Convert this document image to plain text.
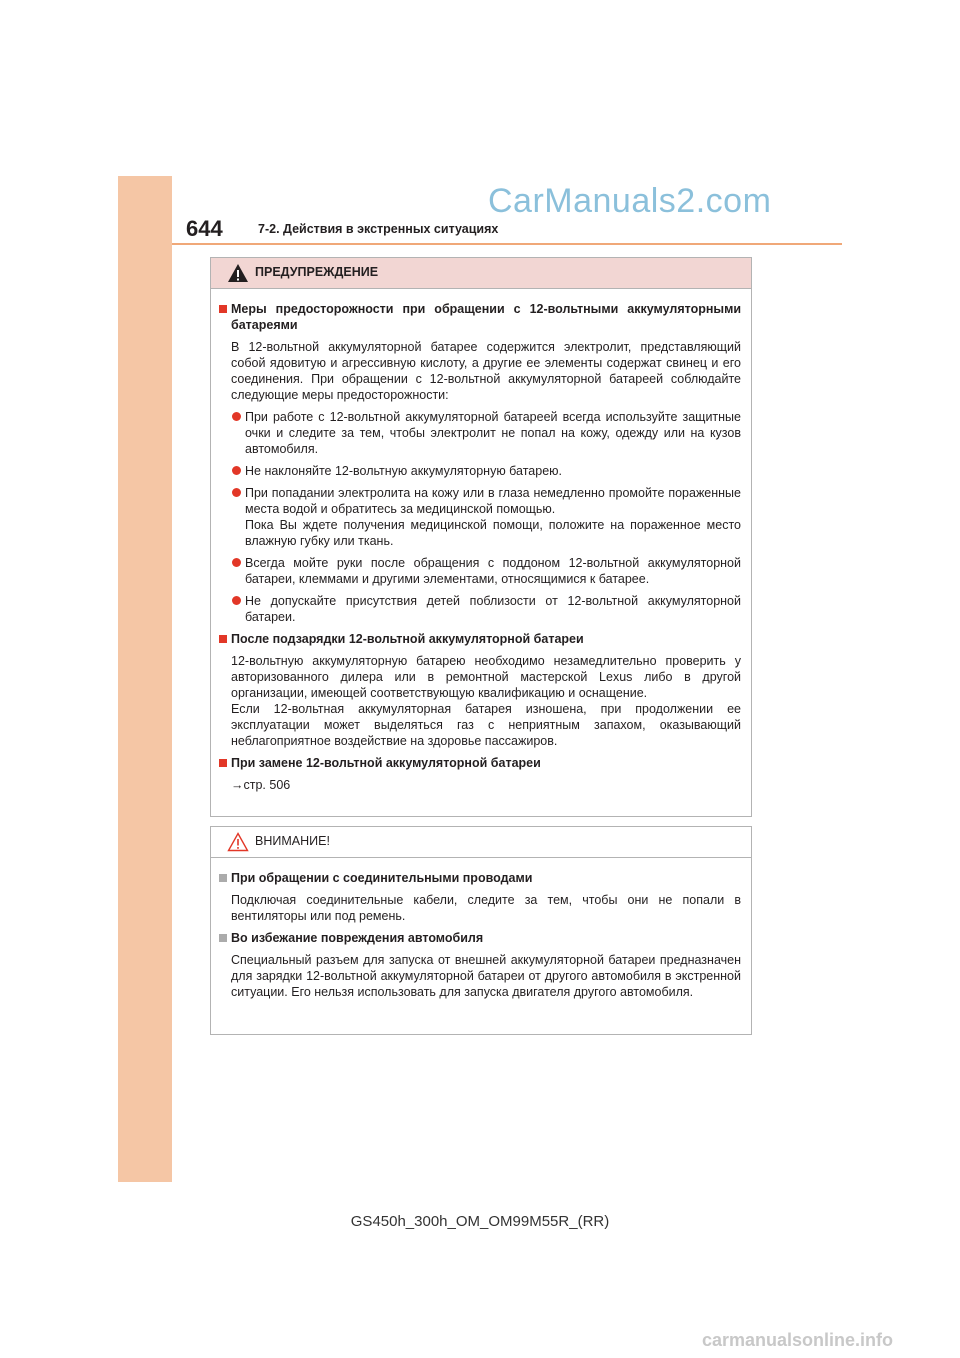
644	7-2. Действия в экстренных ситуациях
CarManuals2.com
ПРЕДУПРЕЖДЕНИЕ
Меры предосторожности при обращении с 12-вольтными аккумуляторными батареями
В 12-вольтной аккумуляторной батарее содержится электролит, представляющий собой ядовитую и агрессивную кислоту, а другие ее элементы содержат свинец и его соединения. При обращении с 12-вольтной аккумуляторной батареей соблюдайте следующие меры предосторожности:
При работе с 12-вольтной аккумуляторной батареей всегда используйте защитные очки и следите за тем, чтобы электролит не попал на кожу, одежду или на кузов автомобиля.
Не наклоняйте 12-вольтную аккумуляторную батарею.
При попадании электролита на кожу или в глаза немедленно промойте пораженные места водой и обратитесь за медицинской помощью.
Пока Вы ждете получения медицинской помощи, положите на пораженное место влажную губку или ткань.
Всегда мойте руки после обращения с поддоном 12-вольтной аккумуляторной батареи, клеммами и другими элементами, относящимися к батарее.
Не допускайте присутствия детей поблизости от 12-вольтной аккумуляторной батареи.
После подзарядки 12-вольтной аккумуляторной батареи
12-вольтную аккумуляторную батарею необходимо незамедлительно проверить у авторизованного дилера или в ремонтной мастерской Lexus либо в другой организации, имеющей соответствующую квалификацию и оснащение.
Если 12-вольтная аккумуляторная батарея изношена, при продолжении ее эксплуатации может выделяться газ с неприятным запахом, оказывающий неблагоприятное воздействие на здоровье пассажиров.
При замене 12-вольтной аккумуляторной батареи
→стр. 506
ВНИМАНИЕ!
При обращении с соединительными проводами
Подключая соединительные кабели, следите за тем, чтобы они не попали в вентиляторы или под ремень.
Во избежание повреждения автомобиля
Специальный разъем для запуска от внешней аккумуляторной батареи предназначен для зарядки 12-вольтной аккумуляторной батареи от другого автомобиля в экстренной ситуации. Его нельзя использовать для запуска двигателя другого автомобиля.
GS450h_300h_OM_OM99M55R_(RR)
carmanualsonline.info
